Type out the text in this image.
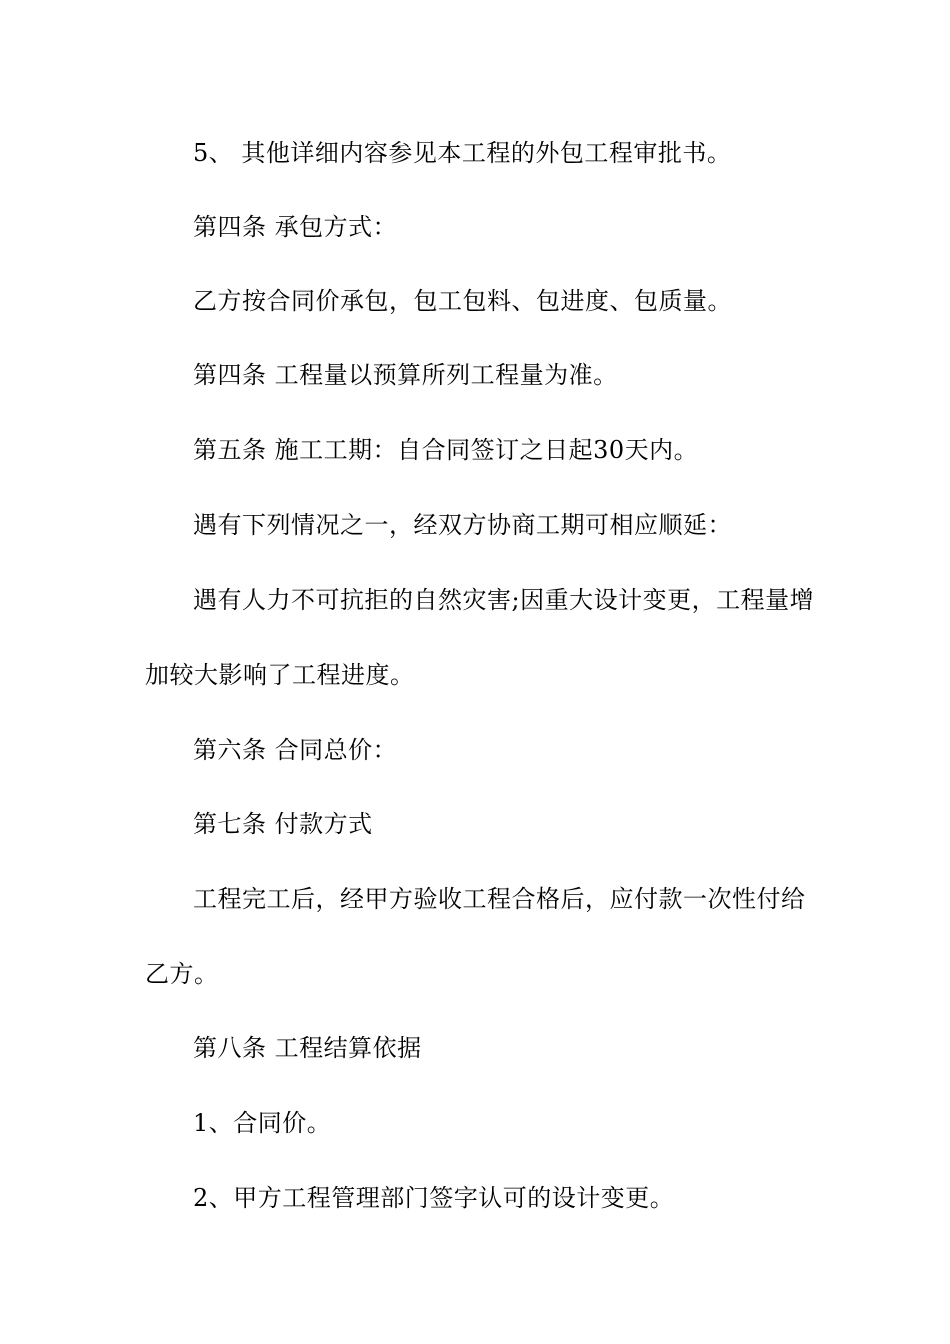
5、 其他详细内容参见本工程的外包工程审批书。
第四条 承包方式：
乙方按合同价承包，包工包料、包进度、包质量。
第四条 工程量以预算所列工程量为准。
第五条 施工工期：自合同签订之日起30天内。
遇有下列情况之一，经双方协商工期可相应顺延：
遇有人力不可抗拒的自然灾害;因重大设计变更，工程量增
加较大影响了工程进度。
第六条 合同总价：
第七条 付款方式
工程完工后，经甲方验收工程合格后，应付款一次性付给
乙方。
第八条 工程结算依据
1、合同价。
2、甲方工程管理部门签字认可的设计变更。
